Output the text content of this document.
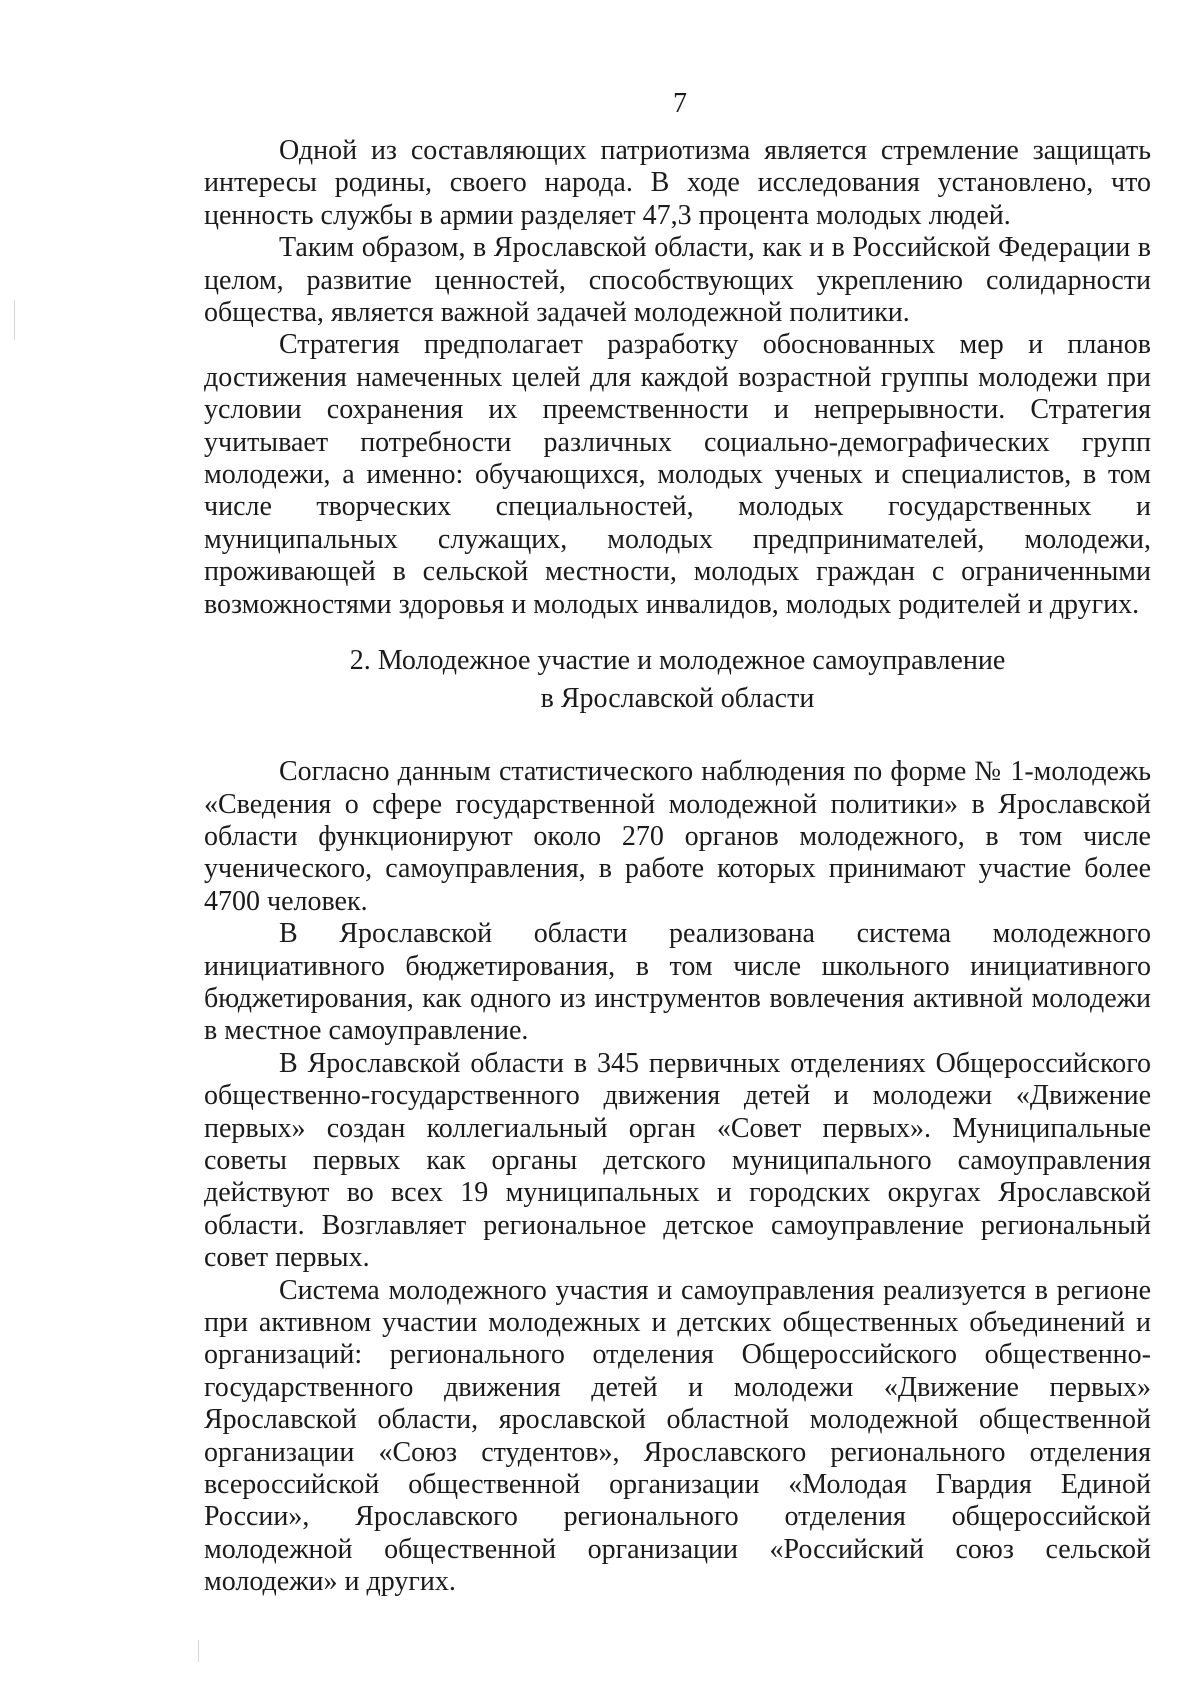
7

Одной из составляющих патриотизма является стремление защищать интересы родины, своего народа. В ходе исследования установлено, что ценность службы в армии разделяет 47,3 процента молодых людей.

Таким образом, в Ярославской области, как и в Российской Федерации в целом, развитие ценностей, способствующих укреплению солидарности общества, является важной задачей молодежной политики.

Стратегия предполагает разработку обоснованных мер и планов достижения намеченных целей для каждой возрастной группы молодежи при условии сохранения их преемственности и непрерывности. Стратегия учитывает потребности различных социально-демографических групп молодежи, а именно: обучающихся, молодых ученых и специалистов, в том числе творческих специальностей, молодых государственных и муниципальных служащих, молодых предпринимателей, молодежи, проживающей в сельской местности, молодых граждан с ограниченными возможностями здоровья и молодых инвалидов, молодых родителей и других.

2. Молодежное участие и молодежное самоуправление
в Ярославской области

Согласно данным статистического наблюдения по форме № 1-молодежь «Сведения о сфере государственной молодежной политики» в Ярославской области функционируют около 270 органов молодежного, в том числе ученического, самоуправления, в работе которых принимают участие более 4700 человек.

В Ярославской области реализована система молодежного инициативного бюджетирования, в том числе школьного инициативного бюджетирования, как одного из инструментов вовлечения активной молодежи в местное самоуправление.

В Ярославской области в 345 первичных отделениях Общероссийского общественно-государственного движения детей и молодежи «Движение первых» создан коллегиальный орган «Совет первых». Муниципальные советы первых как органы детского муниципального самоуправления действуют во всех 19 муниципальных и городских округах Ярославской области. Возглавляет региональное детское самоуправление региональный совет первых.

Система молодежного участия и самоуправления реализуется в регионе при активном участии молодежных и детских общественных объединений и организаций: регионального отделения Общероссийского общественно-государственного движения детей и молодежи «Движение первых» Ярославской области, ярославской областной молодежной общественной организации «Союз студентов», Ярославского регионального отделения всероссийской общественной организации «Молодая Гвардия Единой России», Ярославского регионального отделения общероссийской молодежной общественной организации «Российский союз сельской молодежи» и других.
